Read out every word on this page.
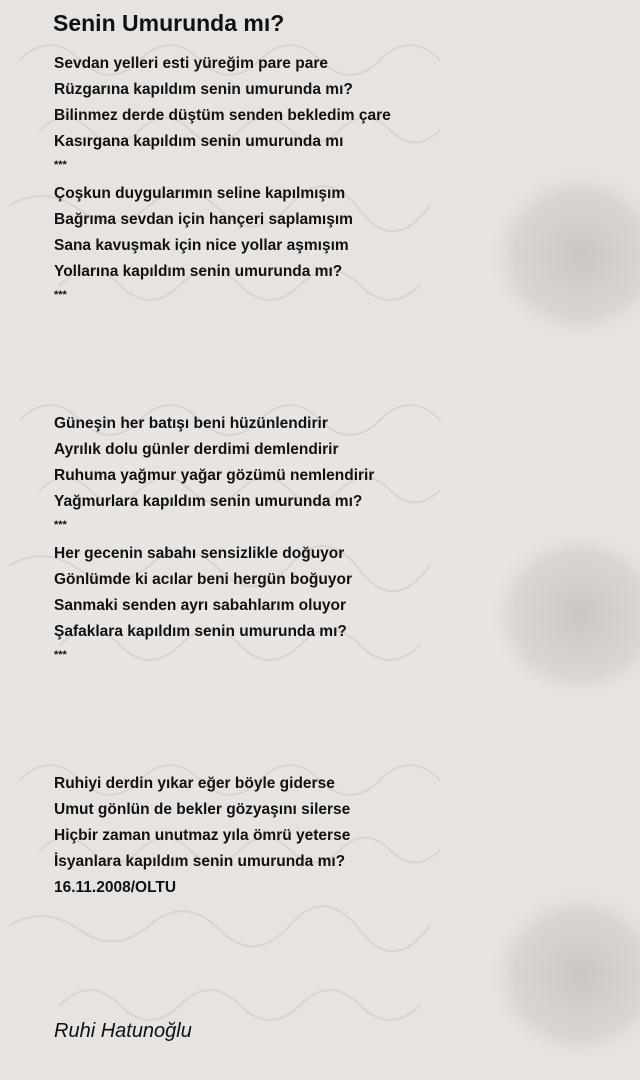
Senin Umurunda mı?
Sevdan yelleri esti yüreğim pare pare
Rüzgarına kapıldım senin umurunda mı?
Bilinmez derde düştüm senden bekledim çare
Kasırgana kapıldım senin umurunda mı
***
Çoşkun duygularımın seline kapılmışım
Bağrıma sevdan için hançeri saplamışım
Sana kavuşmak için nice yollar aşmışım
Yollarına kapıldım senin umurunda mı?
***
Güneşin her batışı beni hüzünlendirir
Ayrılık dolu günler derdimi demlendirir
Ruhuma yağmur yağar gözümü nemlendirir
Yağmurlara kapıldım senin umurunda mı?
***
Her gecenin sabahı sensizlikle doğuyor
Gönlümde ki acılar beni hergün boğuyor
Sanmaki senden ayrı sabahlarım oluyor
Şafaklara kapıldım senin umurunda mı?
***
Ruhiyi derdin yıkar eğer böyle giderse
Umut gönlün de bekler gözyaşını silerse
Hiçbir zaman unutmaz yıla ömrü yeterse
İsyanlara kapıldım senin umurunda mı?
16.11.2008/OLTU
Ruhi Hatunoğlu
